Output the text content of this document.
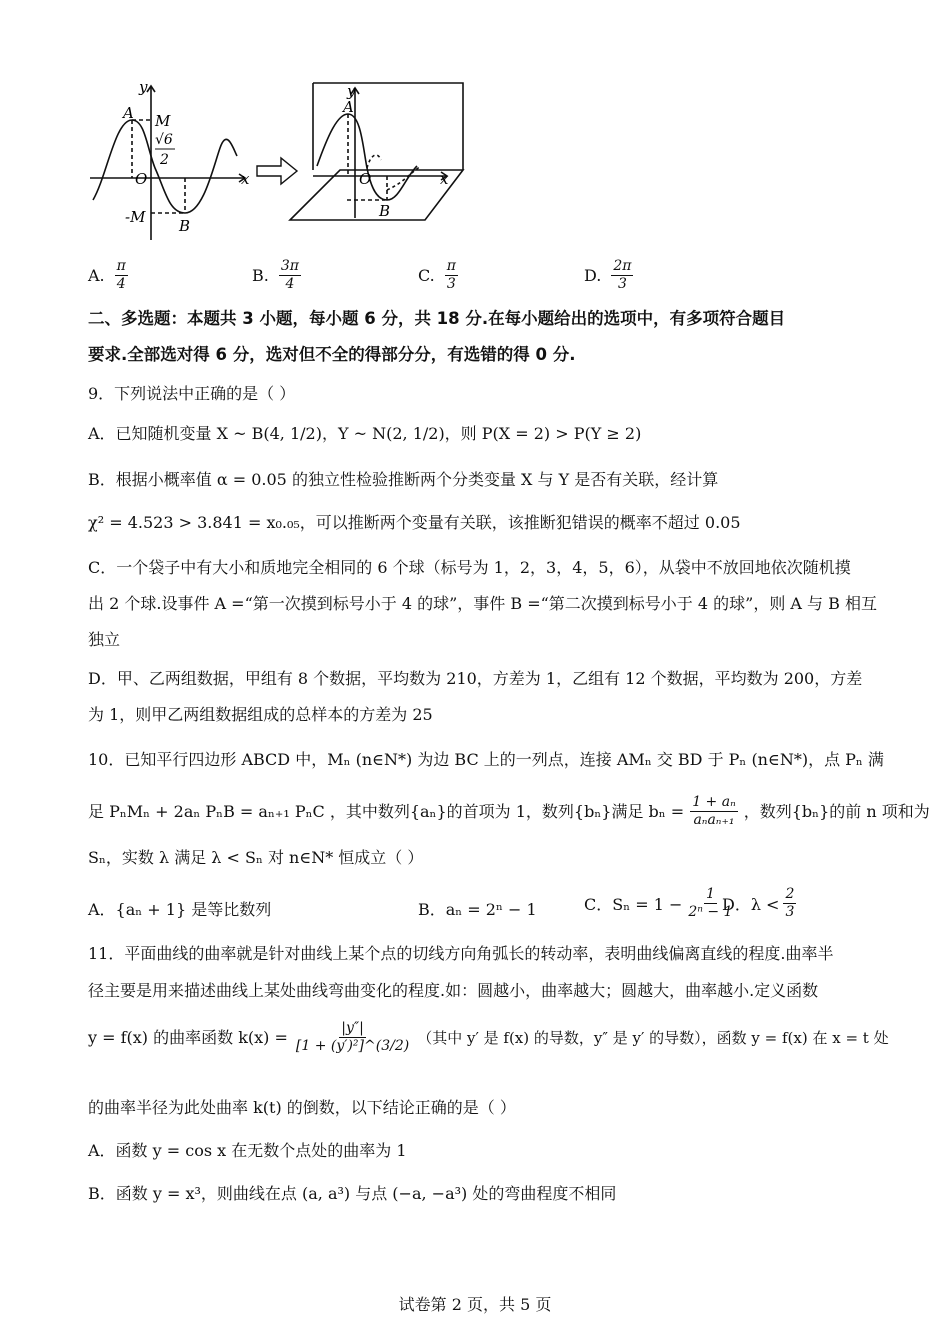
y
A M
√6
2
O	x
-M B
y
A
O	x
B
A. $\frac{\pi}{4}$	B. $\frac{3\pi}{4}$	C. $\frac{\pi}{3}$	D. $\frac{2\pi}{3}$
二、多选题：本题共 3 小题，每小题 6 分，共 18 分.在每小题给出的选项中，有多项符合题目
要求.全部选对得 6 分，选对但不全的得部分分，有选错的得 0 分.
9．下列说法中正确的是（ ）
A．已知随机变量 X ~ B(4, 1/2)，Y ~ N(2, 1/2)，则 P(X = 2) > P(Y ≥ 2)
B．根据小概率值 α = 0.05 的独立性检验推断两个分类变量 X 与 Y 是否有关联，经计算
χ² = 4.523 > 3.841 = x₀.₀₅，可以推断两个变量有关联，该推断犯错误的概率不超过 0.05
C．一个袋子中有大小和质地完全相同的 6 个球（标号为 1，2，3，4，5，6），从袋中不放回地依次随机摸
出 2 个球.设事件 A =“第一次摸到标号小于 4 的球”，事件 B =“第二次摸到标号小于 4 的球”，则 A 与 B 相互
独立
D．甲、乙两组数据，甲组有 8 个数据，平均数为 210，方差为 1，乙组有 12 个数据，平均数为 200，方差
为 1，则甲乙两组数据组成的总样本的方差为 25
10．已知平行四边形 ABCD 中，Mₙ (n∈N*) 为边 BC 上的一列点，连接 AMₙ 交 BD 于 Pₙ (n∈N*)，点 Pₙ 满
足 PₙMₙ + 2aₙ PₙB = aₙ₊₁ PₙC ，其中数列{aₙ}的首项为 1，数列{bₙ}满足 $b_n = \frac{\text{1 + aₙ}}{\text{aₙaₙ₊₁}}$ ，数列{bₙ}的前 n 项和为
Sₙ，实数 λ 满足 λ < Sₙ 对 n∈N* 恒成立（ ）
A．{aₙ + 1} 是等比数列	B．aₙ = 2ⁿ − 1	C．$S_n = 1 - \frac{1}{\text{2ⁿ − 1}}$
D．$\lambda < \frac{2}{3}$
11．平面曲线的曲率就是针对曲线上某个点的切线方向角弧长的转动率，表明曲线偏离直线的程度.曲率半
径主要是用来描述曲线上某处曲线弯曲变化的程度.如：圆越小，曲率越大；圆越大，曲率越小.定义函数
y = f(x) 的曲率函数 $k(x) = \frac{|y''|}{\text{[1 + (y′)²]\textasciicircum{}(3/2)}}$ （其中 y′ 是 f(x) 的导数，y″ 是 y′ 的导数），函数 y = f(x) 在 x = t 处
的曲率半径为此处曲率 k(t) 的倒数，以下结论正确的是（ ）
A．函数 y = cos x 在无数个点处的曲率为 1
B．函数 y = x³，则曲线在点 (a, a³) 与点 (−a, −a³) 处的弯曲程度不相同
试卷第 2 页，共 5 页
